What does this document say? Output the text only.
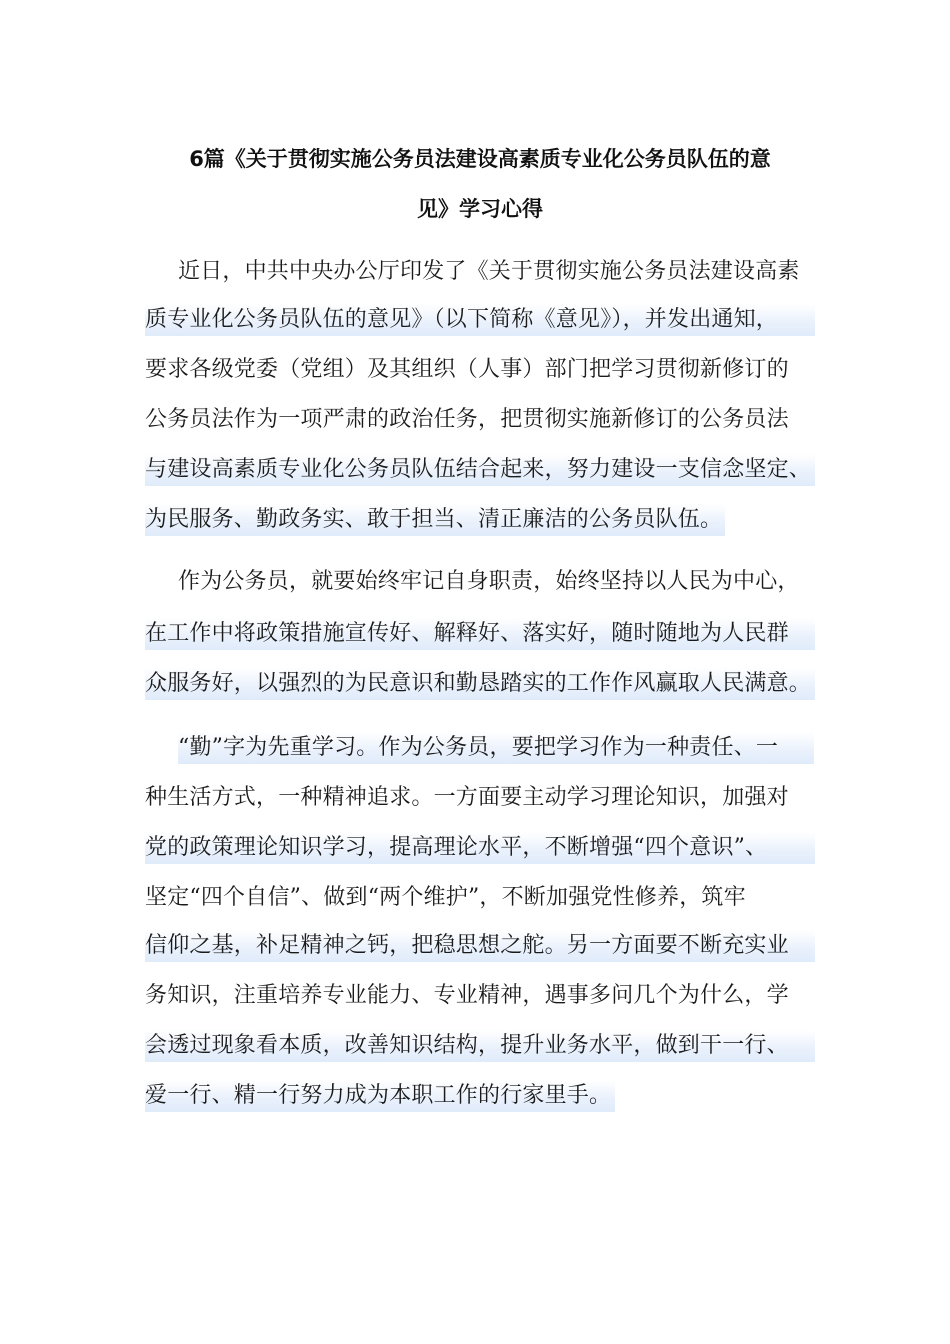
6篇《关于贯彻实施公务员法建设高素质专业化公务员队伍的意
见》学习心得
近日，中共中央办公厅印发了《关于贯彻实施公务员法建设高素
质专业化公务员队伍的意见》（以下简称《意见》），并发出通知，
要求各级党委（党组）及其组织（人事）部门把学习贯彻新修订的
公务员法作为一项严肃的政治任务，把贯彻实施新修订的公务员法
与建设高素质专业化公务员队伍结合起来，努力建设一支信念坚定、
为民服务、勤政务实、敢于担当、清正廉洁的公务员队伍。
作为公务员，就要始终牢记自身职责，始终坚持以人民为中心，
在工作中将政策措施宣传好、解释好、落实好，随时随地为人民群
众服务好，以强烈的为民意识和勤恳踏实的工作作风赢取人民满意。
“勤”字为先重学习。作为公务员，要把学习作为一种责任、一
种生活方式，一种精神追求。一方面要主动学习理论知识，加强对
党的政策理论知识学习，提高理论水平，不断增强“四个意识”、
坚定“四个自信”、做到“两个维护”，不断加强党性修养，筑牢
信仰之基，补足精神之钙，把稳思想之舵。另一方面要不断充实业
务知识，注重培养专业能力、专业精神，遇事多问几个为什么，学
会透过现象看本质，改善知识结构，提升业务水平，做到干一行、
爱一行、精一行努力成为本职工作的行家里手。
